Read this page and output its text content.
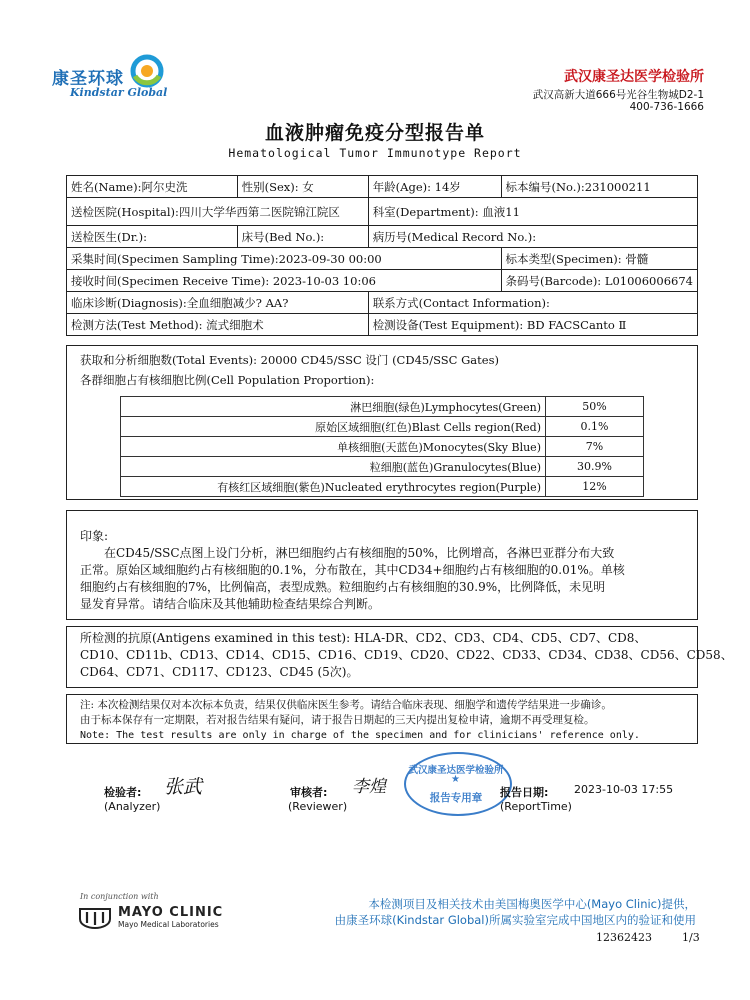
康圣环球
Kindstar Global
武汉康圣达医学检验所
武汉高新大道666号光谷生物城D2-1
400-736-1666
血液肿瘤免疫分型报告单
Hematological Tumor Immunotype Report
姓名(Name):阿尔史洗	性别(Sex): 女	年龄(Age): 14岁	标本编号(No.):231000211
送检医院(Hospital):四川大学华西第二医院锦江院区		科室(Department): 血液11	
送检医生(Dr.):	床号(Bed No.):	病历号(Medical Record No.):	
采集时间(Specimen Sampling Time):2023-09-30 00:00			标本类型(Specimen): 骨髓
接收时间(Specimen Receive Time): 2023-10-03 10:06			条码号(Barcode): L01006006674
临床诊断(Diagnosis):全血细胞减少? AA?		联系方式(Contact Information):	
检测方法(Test Method): 流式细胞术		检测设备(Test Equipment): BD FACSCanto Ⅱ	
获取和分析细胞数(Total Events): 20000 CD45/SSC 设门 (CD45/SSC Gates)
各群细胞占有核细胞比例(Cell Population Proportion):
淋巴细胞(绿色)Lymphocytes(Green)	50%
原始区域细胞(红色)Blast Cells region(Red)	0.1%
单核细胞(天蓝色)Monocytes(Sky Blue)	7%
粒细胞(蓝色)Granulocytes(Blue)	30.9%
有核红区域细胞(紫色)Nucleated erythrocytes region(Purple)	12%
印象:
在CD45/SSC点图上设门分析，淋巴细胞约占有核细胞的50%，比例增高，各淋巴亚群分布大致
正常。原始区域细胞约占有核细胞的0.1%，分布散在，其中CD34+细胞约占有核细胞的0.01%。单核
细胞约占有核细胞的7%，比例偏高，表型成熟。粒细胞约占有核细胞的30.9%，比例降低，未见明
显发育异常。请结合临床及其他辅助检查结果综合判断。
所检测的抗原(Antigens examined in this test): HLA-DR、CD2、CD3、CD4、CD5、CD7、CD8、
CD10、CD11b、CD13、CD14、CD15、CD16、CD19、CD20、CD22、CD33、CD34、CD38、CD56、CD58、
CD64、CD71、CD117、CD123、CD45 (5次)。
注: 本次检测结果仅对本次标本负责，结果仅供临床医生参考。请结合临床表现、细胞学和遗传学结果进一步确诊。
由于标本保存有一定期限，若对报告结果有疑问，请于报告日期起的三天内提出复检申请，逾期不再受理复检。
Note: The test results are only in charge of the specimen and for clinicians' reference only.
检验者:
(Analyzer)
张武	审核者:
(Reviewer)
李煌
武汉康圣达医学检验所
★
报告专用章	报告日期:
(ReportTime)
2023-10-03 17:55
In conjunction with
MAYO CLINIC
Mayo Medical Laboratories
本检测项目及相关技术由美国梅奥医学中心(Mayo Clinic)提供，
由康圣环球(Kindstar Global)所属实验室完成中国地区内的验证和使用
12362423	1/3
